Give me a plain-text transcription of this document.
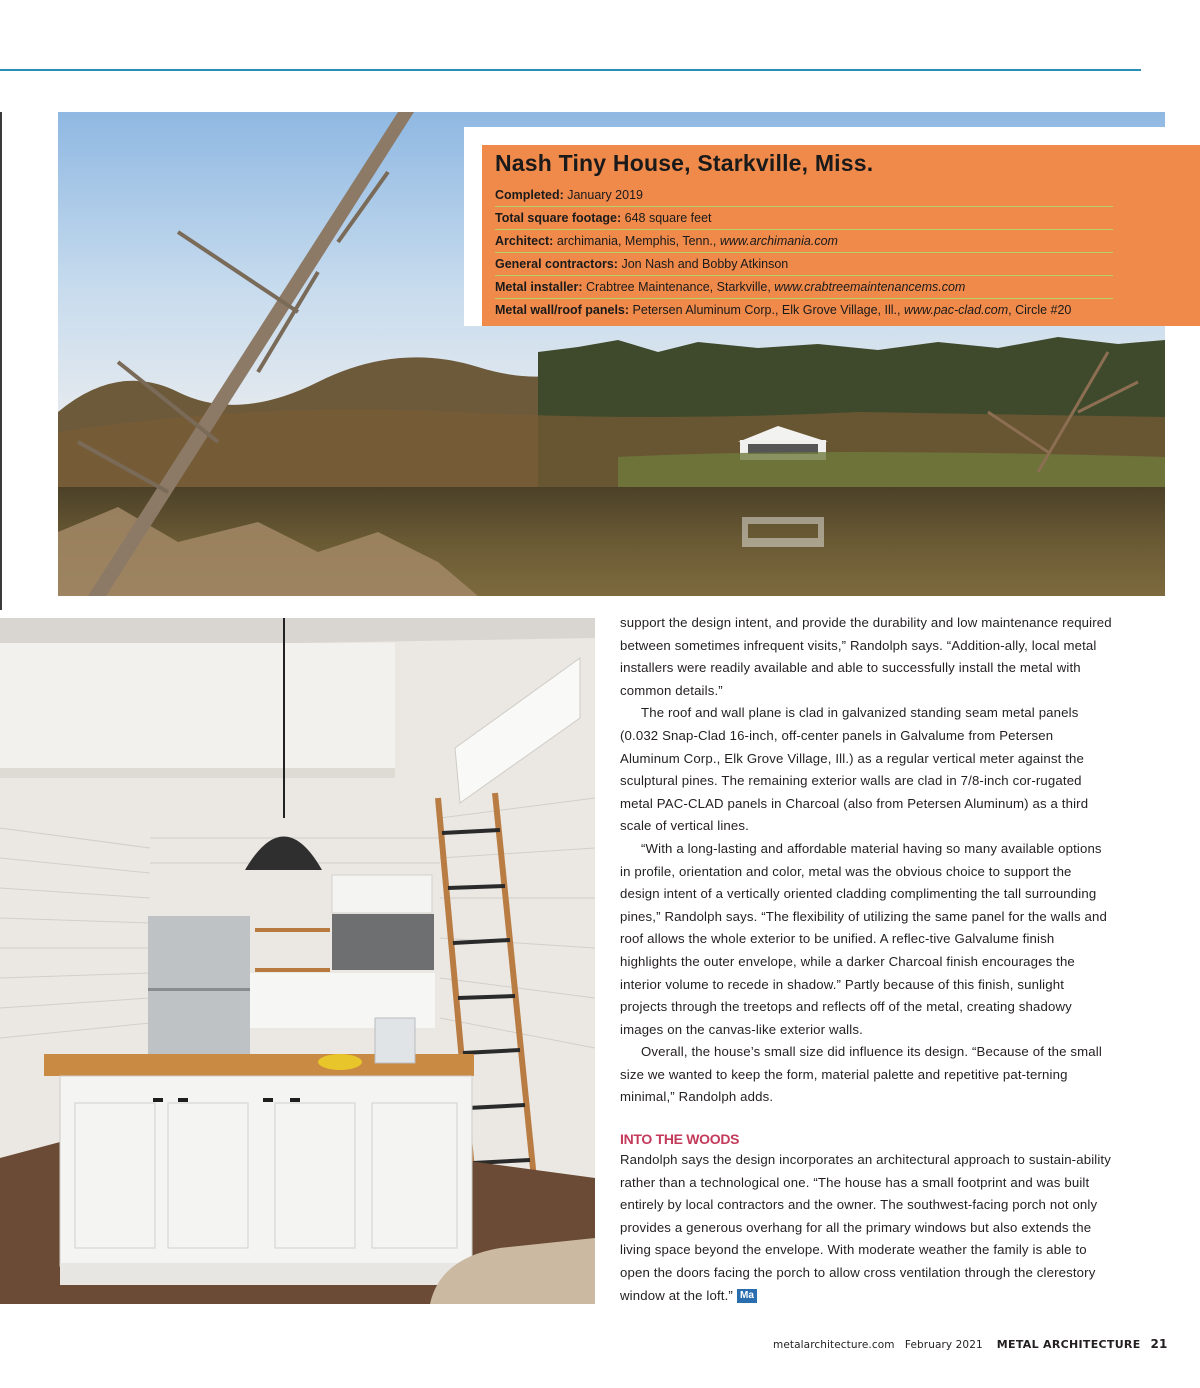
Nash Tiny House, Starkville, Miss.
Completed: January 2019
Total square footage: 648 square feet
Architect: archimania, Memphis, Tenn., www.archimania.com
General contractors: Jon Nash and Bobby Atkinson
Metal installer: Crabtree Maintenance, Starkville, www.crabtreemaintenancems.com
Metal wall/roof panels: Petersen Aluminum Corp., Elk Grove Village, Ill., www.pac-clad.com, Circle #20

support the design intent, and provide the durability and low maintenance required between sometimes infrequent visits,” Randolph says. “Addition-ally, local metal installers were readily available and able to successfully install the metal with common details.”

The roof and wall plane is clad in galvanized standing seam metal panels (0.032 Snap-Clad 16-inch, off-center panels in Galvalume from Petersen Aluminum Corp., Elk Grove Village, Ill.) as a regular vertical meter against the sculptural pines. The remaining exterior walls are clad in 7/8-inch cor-rugated metal PAC-CLAD panels in Charcoal (also from Petersen Aluminum) as a third scale of vertical lines.

“With a long-lasting and affordable material having so many available options in profile, orientation and color, metal was the obvious choice to support the design intent of a vertically oriented cladding complimenting the tall surrounding pines,” Randolph says. “The flexibility of utilizing the same panel for the walls and roof allows the whole exterior to be unified. A reflec-tive Galvalume finish highlights the outer envelope, while a darker Charcoal finish encourages the interior volume to recede in shadow.” Partly because of this finish, sunlight projects through the treetops and reflects off of the metal, creating shadowy images on the canvas-like exterior walls.

Overall, the house’s small size did influence its design. “Because of the small size we wanted to keep the form, material palette and repetitive pat-terning minimal,” Randolph adds.

INTO THE WOODS

Randolph says the design incorporates an architectural approach to sustain-ability rather than a technological one. “The house has a small footprint and was built entirely by local contractors and the owner. The southwest-facing porch not only provides a generous overhang for all the primary windows but also extends the living space beyond the envelope. With moderate weather the family is able to open the doors facing the porch to allow cross ventilation through the clerestory window at the loft.” Ma

metalarchitecture.com February 2021 METAL ARCHITECTURE 21
